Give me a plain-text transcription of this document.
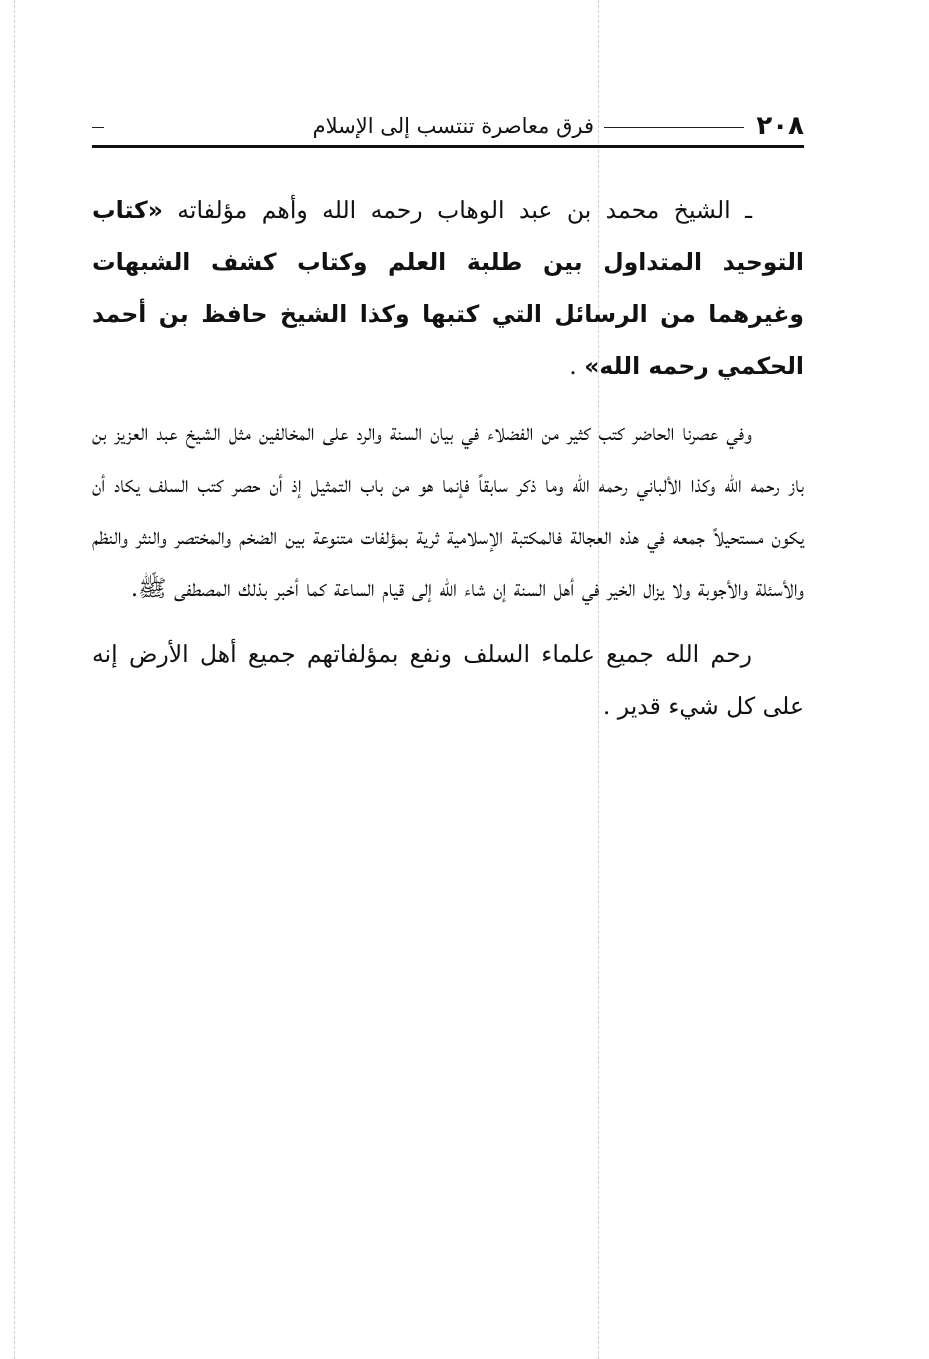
٢٠٨
فرق معاصرة تنتسب إلى الإسلام

ـ الشيخ محمد بن عبد الوهاب رحمه الله وأهم مؤلفاته «كتاب التوحيد المتداول بين طلبة العلم وكتاب كشف الشبهات وغيرهما من الرسائل التي كتبها وكذا الشيخ حافظ بن أحمد الحكمي رحمه الله» .

وفي عصرنا الحاضر كتب كثير من الفضلاء في بيان السنة والرد على المخالفين مثل الشيخ عبد العزيز بن باز رحمه الله وكذا الألباني رحمه الله وما ذكر سابقاً فإنما هو من باب التمثيل إذ أن حصر كتب السلف يكاد أن يكون مستحيلاً جمعه في هذه العجالة فالمكتبة الإسلامية ثرية بمؤلفات متنوعة بين الضخم والمختصر والنثر والنظم والأسئلة والأجوبة ولا يزال الخير في أهل السنة إن شاء الله إلى قيام الساعة كما أخبر بذلك المصطفى ﷺ.

رحم الله جميع علماء السلف ونفع بمؤلفاتهم جميع أهل الأرض إنه على كل شيء قدير .
